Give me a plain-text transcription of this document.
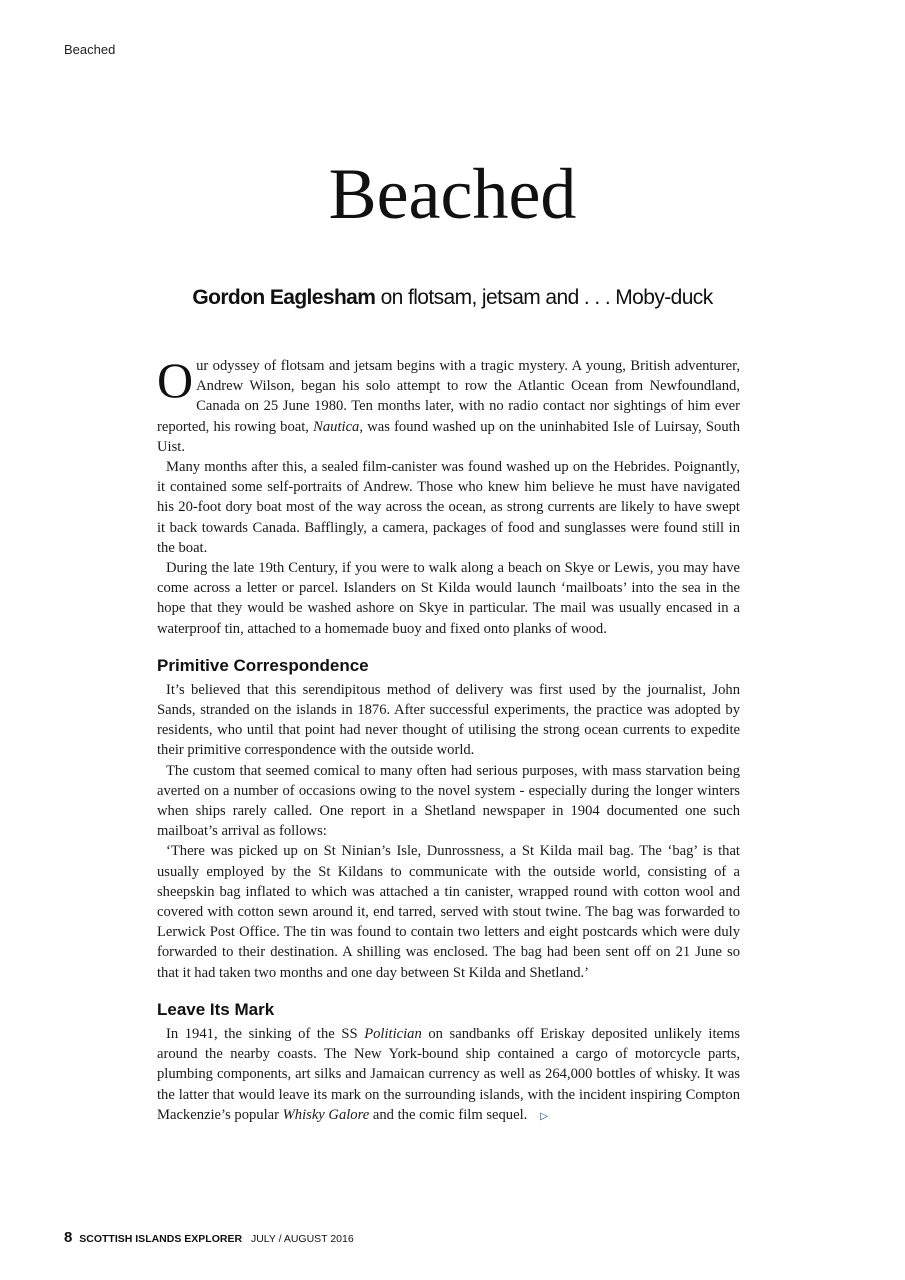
Beached
Beached
Gordon Eaglesham on flotsam, jetsam and . . . Moby-duck

Our odyssey of flotsam and jetsam begins with a tragic mystery. A young, British adventurer, Andrew Wilson, began his solo attempt to row the Atlantic Ocean from Newfoundland, Canada on 25 June 1980. Ten months later, with no radio contact nor sightings of him ever reported, his rowing boat, Nautica, was found washed up on the uninhabited Isle of Luirsay, South Uist.

Many months after this, a sealed film-canister was found washed up on the Hebrides. Poignantly, it contained some self-portraits of Andrew. Those who knew him believe he must have navigated his 20-foot dory boat most of the way across the ocean, as strong currents are likely to have swept it back towards Canada. Bafflingly, a camera, packages of food and sunglasses were found still in the boat.

During the late 19th Century, if you were to walk along a beach on Skye or Lewis, you may have come across a letter or parcel. Islanders on St Kilda would launch ‘mailboats’ into the sea in the hope that they would be washed ashore on Skye in particular. The mail was usually encased in a waterproof tin, attached to a homemade buoy and fixed onto planks of wood.

Primitive Correspondence

It’s believed that this serendipitous method of delivery was first used by the journalist, John Sands, stranded on the islands in 1876. After successful experiments, the practice was adopted by residents, who until that point had never thought of utilising the strong ocean currents to expedite their primitive correspondence with the outside world.

The custom that seemed comical to many often had serious purposes, with mass starvation being averted on a number of occasions owing to the novel system - especially during the longer winters when ships rarely called. One report in a Shetland newspaper in 1904 documented one such mailboat’s arrival as follows:

‘There was picked up on St Ninian’s Isle, Dunrossness, a St Kilda mail bag. The ‘bag’ is that usually employed by the St Kildans to communicate with the outside world, consisting of a sheepskin bag inflated to which was attached a tin canister, wrapped round with cotton wool and covered with cotton sewn around it, end tarred, served with stout twine. The bag was forwarded to Lerwick Post Office. The tin was found to contain two letters and eight postcards which were duly forwarded to their destination. A shilling was enclosed. The bag had been sent off on 21 June so that it had taken two months and one day between St Kilda and Shetland.’

Leave Its Mark

In 1941, the sinking of the SS Politician on sandbanks off Eriskay deposited unlikely items around the nearby coasts. The New York-bound ship contained a cargo of motorcycle parts, plumbing components, art silks and Jamaican currency as well as 264,000 bottles of whisky. It was the latter that would leave its mark on the surrounding islands, with the incident inspiring Compton Mackenzie’s popular Whisky Galore and the comic film sequel. ▷

8 SCOTTISH ISLANDS EXPLORER JULY / AUGUST 2016
